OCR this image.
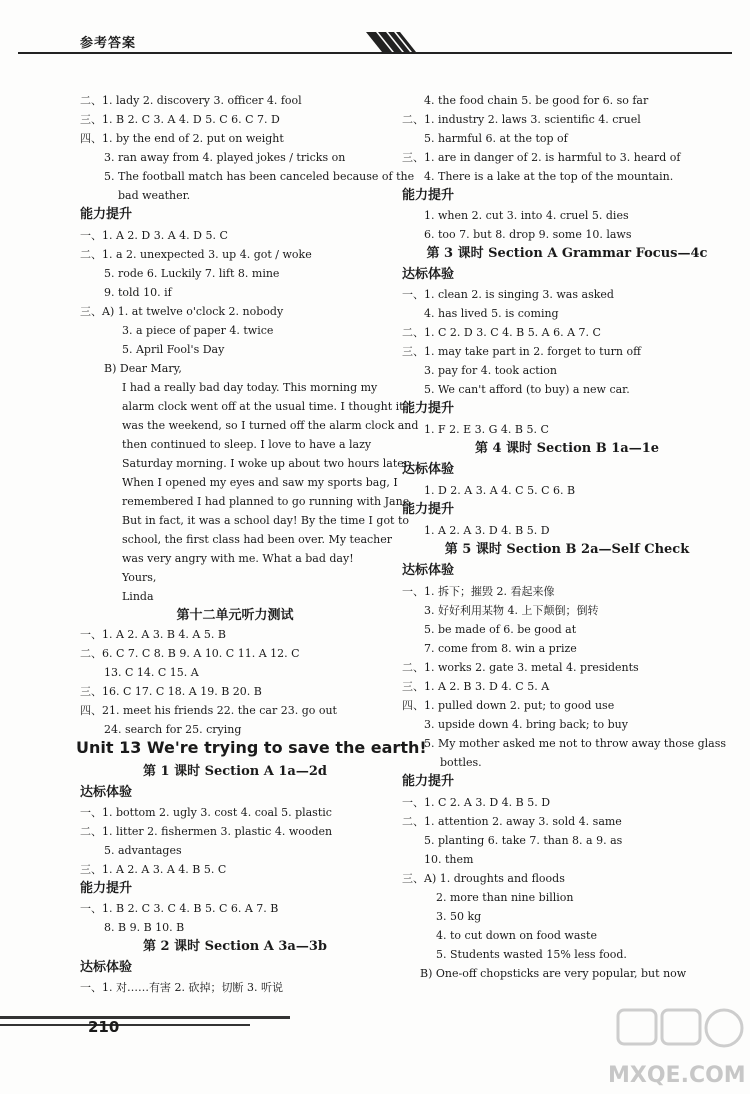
参考答案
二、1. lady 2. discovery 3. officer 4. fool
三、1. B 2. C 3. A 4. D 5. C 6. C 7. D
四、1. by the end of 2. put on weight
3. ran away from 4. played jokes / tricks on
5. The football match has been canceled because of the
bad weather.
能力提升
一、1. A 2. D 3. A 4. D 5. C
二、1. a 2. unexpected 3. up 4. got / woke
5. rode 6. Luckily 7. lift 8. mine
9. told 10. if
三、A) 1. at twelve o'clock 2. nobody
3. a piece of paper 4. twice
5. April Fool's Day
B) Dear Mary,
I had a really bad day today. This morning my
alarm clock went off at the usual time. I thought it
was the weekend, so I turned off the alarm clock and
then continued to sleep. I love to have a lazy
Saturday morning. I woke up about two hours later.
When I opened my eyes and saw my sports bag, I
remembered I had planned to go running with Jane.
But in fact, it was a school day! By the time I got to
school, the first class had been over. My teacher
was very angry with me. What a bad day!
Yours,
Linda
第十二单元听力测试
一、1. A 2. A 3. B 4. A 5. B
二、6. C 7. C 8. B 9. A 10. C 11. A 12. C
13. C 14. C 15. A
三、16. C 17. C 18. A 19. B 20. B
四、21. meet his friends 22. the car 23. go out
24. search for 25. crying
Unit 13 We're trying to save the earth!
第 1 课时 Section A 1a—2d
达标体验
一、1. bottom 2. ugly 3. cost 4. coal 5. plastic
二、1. litter 2. fishermen 3. plastic 4. wooden
5. advantages
三、1. A 2. A 3. A 4. B 5. C
能力提升
一、1. B 2. C 3. C 4. B 5. C 6. A 7. B
8. B 9. B 10. B
第 2 课时 Section A 3a—3b
达标体验
一、1. 对……有害 2. 砍掉；切断 3. 听说
4. the food chain 5. be good for 6. so far
二、1. industry 2. laws 3. scientific 4. cruel
5. harmful 6. at the top of
三、1. are in danger of 2. is harmful to 3. heard of
4. There is a lake at the top of the mountain.
能力提升
1. when 2. cut 3. into 4. cruel 5. dies
6. too 7. but 8. drop 9. some 10. laws
第 3 课时 Section A Grammar Focus—4c
达标体验
一、1. clean 2. is singing 3. was asked
4. has lived 5. is coming
二、1. C 2. D 3. C 4. B 5. A 6. A 7. C
三、1. may take part in 2. forget to turn off
3. pay for 4. took action
5. We can't afford (to buy) a new car.
能力提升
1. F 2. E 3. G 4. B 5. C
第 4 课时 Section B 1a—1e
达标体验
1. D 2. A 3. A 4. C 5. C 6. B
能力提升
1. A 2. A 3. D 4. B 5. D
第 5 课时 Section B 2a—Self Check
达标体验
一、1. 拆下；摧毁 2. 看起来像
3. 好好利用某物 4. 上下颠倒；倒转
5. be made of 6. be good at
7. come from 8. win a prize
二、1. works 2. gate 3. metal 4. presidents
三、1. A 2. B 3. D 4. C 5. A
四、1. pulled down 2. put; to good use
3. upside down 4. bring back; to buy
5. My mother asked me not to throw away those glass
bottles.
能力提升
一、1. C 2. A 3. D 4. B 5. D
二、1. attention 2. away 3. sold 4. same
5. planting 6. take 7. than 8. a 9. as
10. them
三、A) 1. droughts and floods
2. more than nine billion
3. 50 kg
4. to cut down on food waste
5. Students wasted 15% less food.
B) One-off chopsticks are very popular, but now
210
MXQE.COM
